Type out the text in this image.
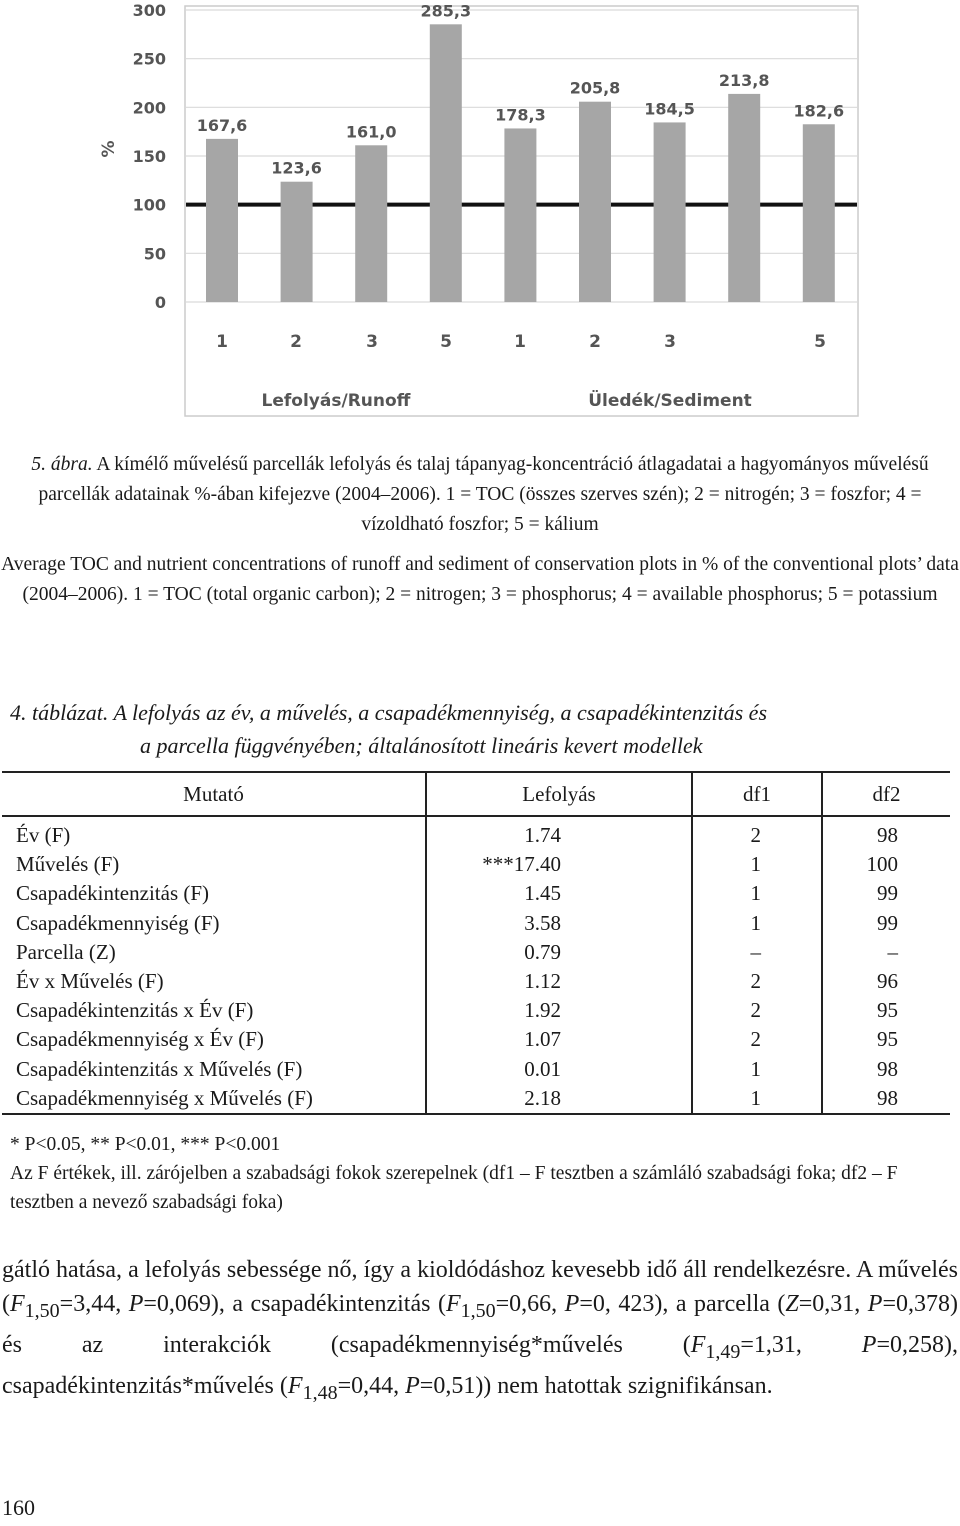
%
0
50
100
150
200
250
300
167,6
123,6
161,0
285,3
178,3
205,8
184,5
213,8
182,6
1	2	3	5	1	2	3	5
Lefolyás/Runoff	Üledék/Sediment

5. ábra. A kímélő művelésű parcellák lefolyás és talaj tápanyag-koncentráció átlagadatai a hagyományos művelésű parcellák adatainak %-ában kifejezve (2004–2006). 1 = TOC (összes szerves szén); 2 = nitrogén; 3 = foszfor; 4 = vízoldható foszfor; 5 = kálium

Average TOC and nutrient concentrations of runoff and sediment of conservation plots in % of the conventional plots’ data (2004–2006). 1 = TOC (total organic carbon); 2 = nitrogen; 3 = phosphorus; 4 = available phosphorus; 5 = potassium

4. táblázat. A lefolyás az év, a művelés, a csapadékmennyiség, a csapadékintenzitás és
a parcella függvényében; általánosított lineáris kevert modellek
Mutató	Lefolyás	df1	df2
Év (F)	1.74	2	98
Művelés (F)	***17.40	1	100
Csapadékintenzitás (F)	1.45	1	99
Csapadékmennyiség (F)	3.58	1	99
Parcella (Z)	0.79	–	–
Év x Művelés (F)	1.12	2	96
Csapadékintenzitás x Év (F)	1.92	2	95
Csapadékmennyiség x Év (F)	1.07	2	95
Csapadékintenzitás x Művelés (F)	0.01	1	98
Csapadékmennyiség x Művelés (F)	2.18	1	98
* P<0.05, ** P<0.01, *** P<0.001
Az F értékek, ill. zárójelben a szabadsági fokok szerepelnek (df1 – F tesztben a számláló szabadsági foka; df2 – F tesztben a nevező szabadsági foka)
gátló hatása, a lefolyás sebessége nő, így a kioldódáshoz kevesebb idő áll rendelkezésre. A művelés ($F_{1,50}=3,44$, P=0,069), a csapadékintenzitás ($F_{1,50}=0,66$, P=0, 423), a parcella (Z=0,31, P=0,378) és az interakciók (csapadékmennyiség*művelés ($F_{1,49}=1,31$, P=0,258), csapadékintenzitás*művelés ($F_{1,48}=0,44$, P=0,51)) nem hatottak szignifikánsan.
160
